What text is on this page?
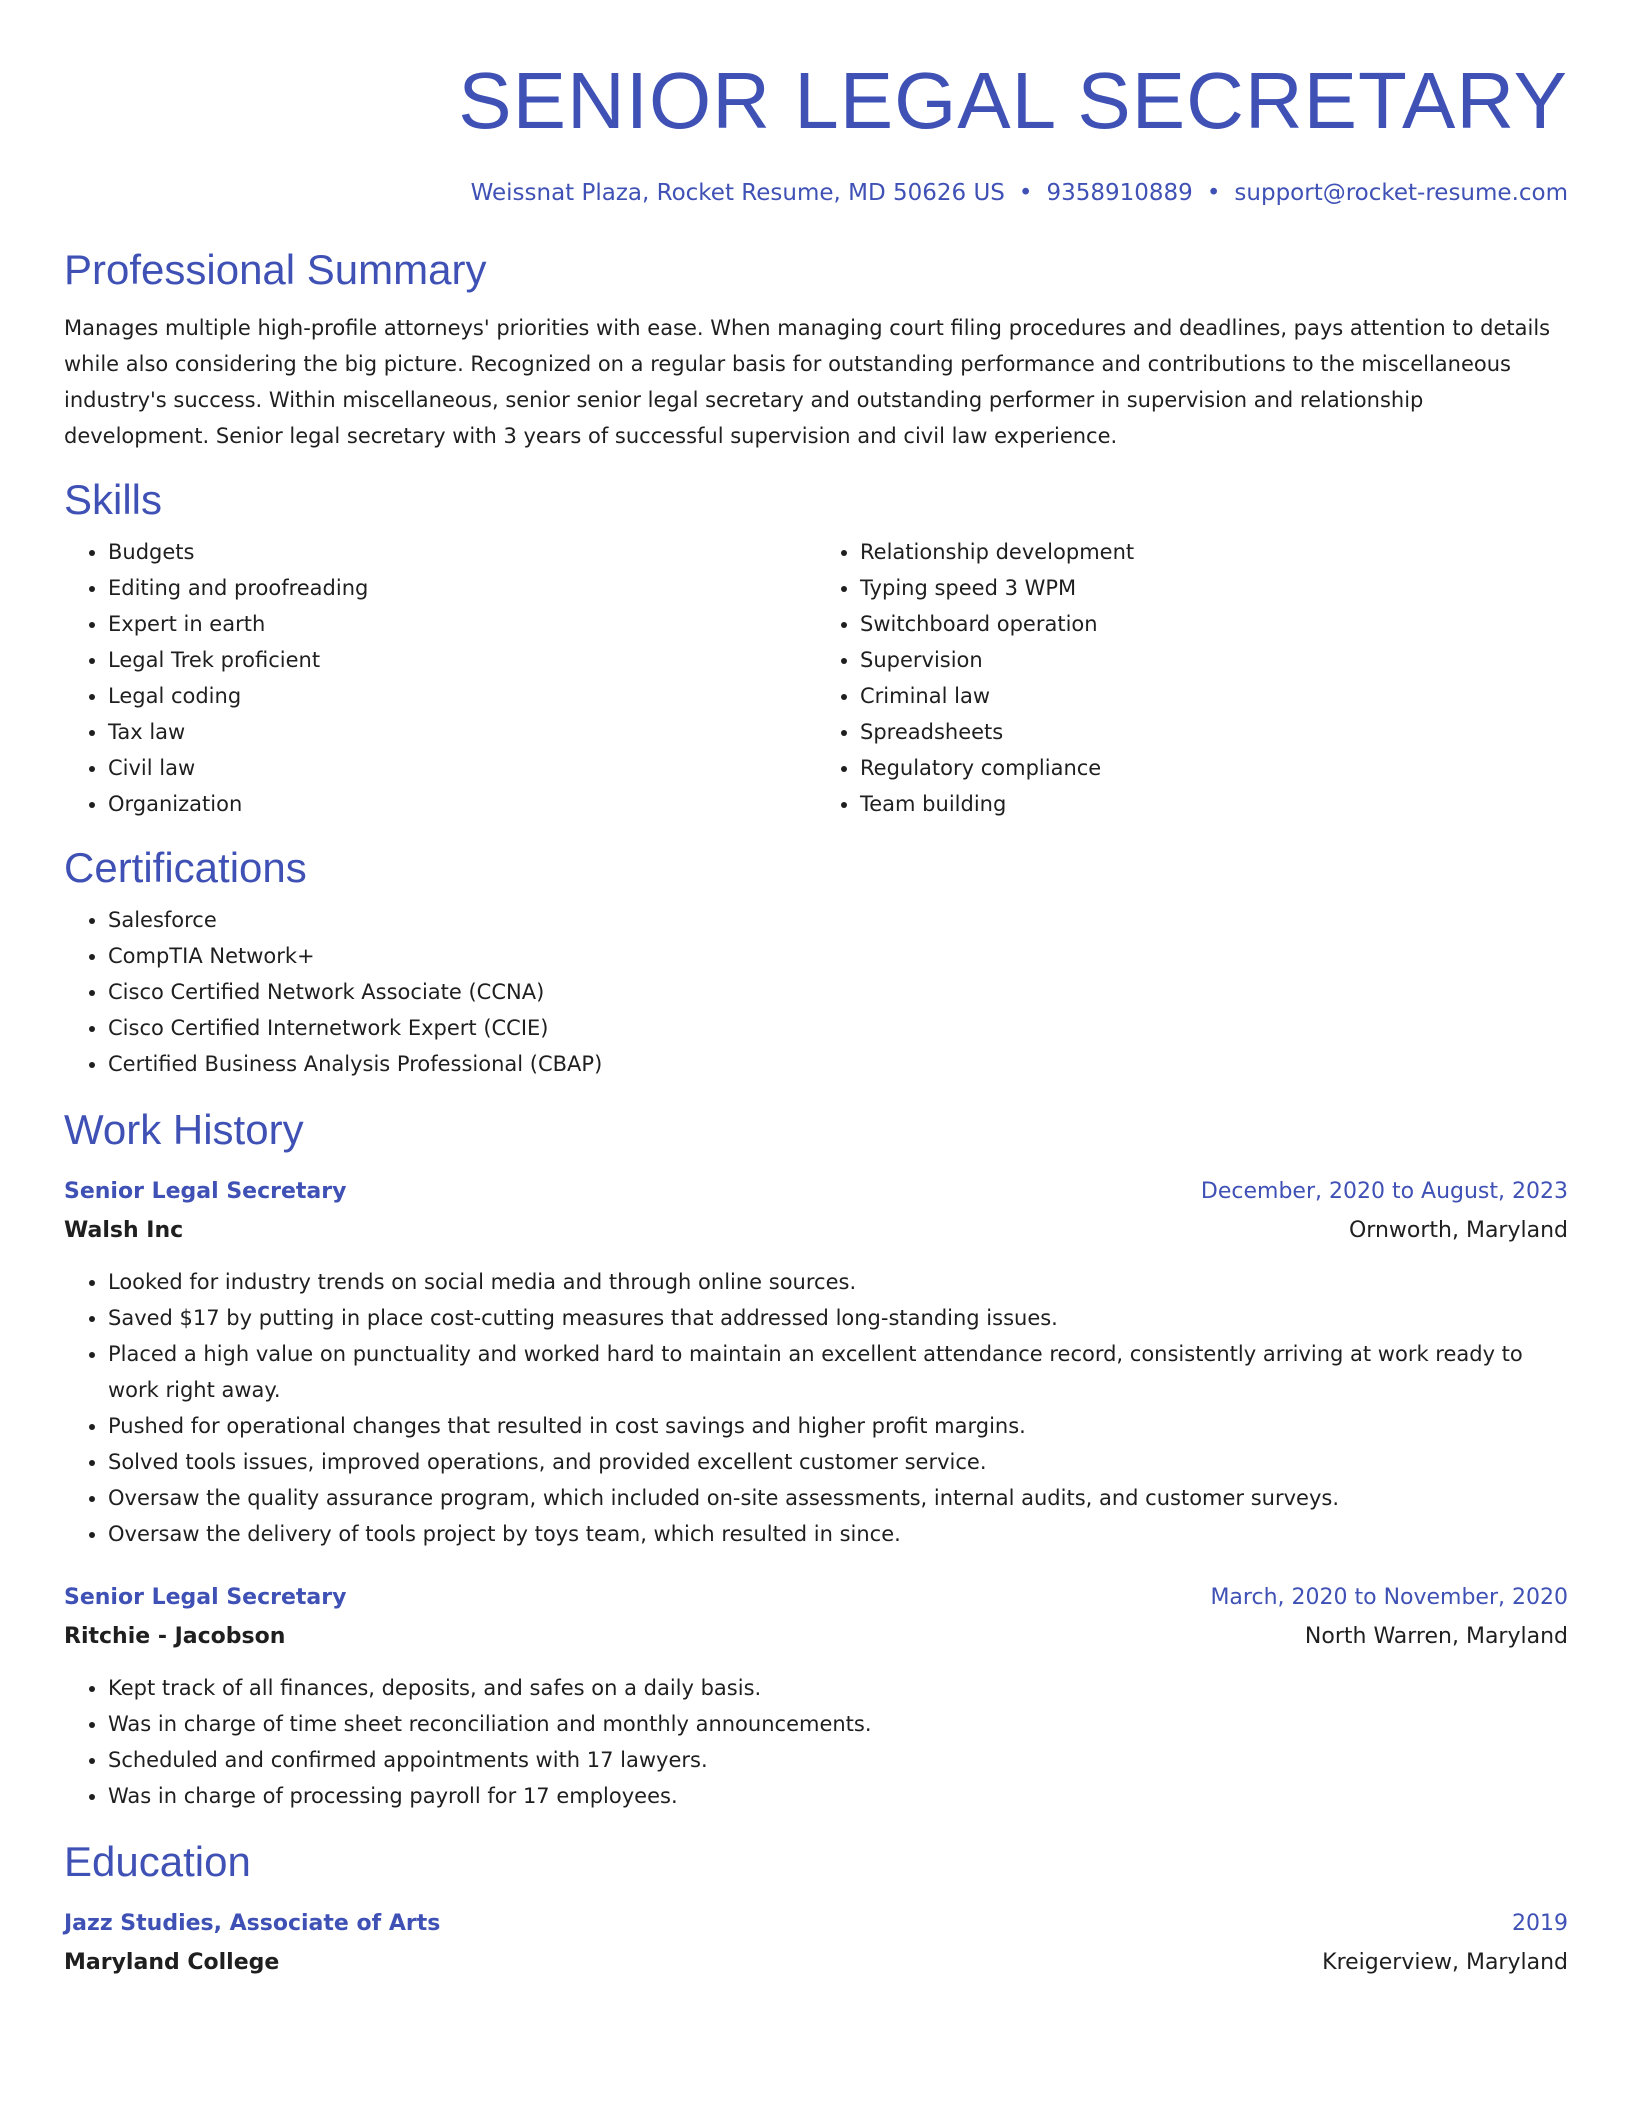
SENIOR LEGAL SECRETARY
Weissnat Plaza, Rocket Resume, MD 50626 US • 9358910889 • support@rocket-resume.com
Professional Summary

Manages multiple high-profile attorneys' priorities with ease. When managing court filing procedures and deadlines, pays attention to details while also considering the big picture. Recognized on a regular basis for outstanding performance and contributions to the miscellaneous industry's success. Within miscellaneous, senior senior legal secretary and outstanding performer in supervision and relationship development. Senior legal secretary with 3 years of successful supervision and civil law experience.

Skills
• Budgets
• Editing and proofreading
• Expert in earth
• Legal Trek proficient
• Legal coding
• Tax law
• Civil law
• Organization
• Relationship development
• Typing speed 3 WPM
• Switchboard operation
• Supervision
• Criminal law
• Spreadsheets
• Regulatory compliance
• Team building
Certifications
• Salesforce
• CompTIA Network+
• Cisco Certified Network Associate (CCNA)
• Cisco Certified Internetwork Expert (CCIE)
• Certified Business Analysis Professional (CBAP)
Work History
Senior Legal Secretary	December, 2020 to August, 2023
Walsh Inc	Ornworth, Maryland
• Looked for industry trends on social media and through online sources.
• Saved $17 by putting in place cost-cutting measures that addressed long-standing issues.
• Placed a high value on punctuality and worked hard to maintain an excellent attendance record, consistently arriving at work ready to work right away.
• Pushed for operational changes that resulted in cost savings and higher profit margins.
• Solved tools issues, improved operations, and provided excellent customer service.
• Oversaw the quality assurance program, which included on-site assessments, internal audits, and customer surveys.
• Oversaw the delivery of tools project by toys team, which resulted in since.
Senior Legal Secretary	March, 2020 to November, 2020
Ritchie - Jacobson	North Warren, Maryland
• Kept track of all finances, deposits, and safes on a daily basis.
• Was in charge of time sheet reconciliation and monthly announcements.
• Scheduled and confirmed appointments with 17 lawyers.
• Was in charge of processing payroll for 17 employees.
Education
Jazz Studies, Associate of Arts	2019
Maryland College	Kreigerview, Maryland
